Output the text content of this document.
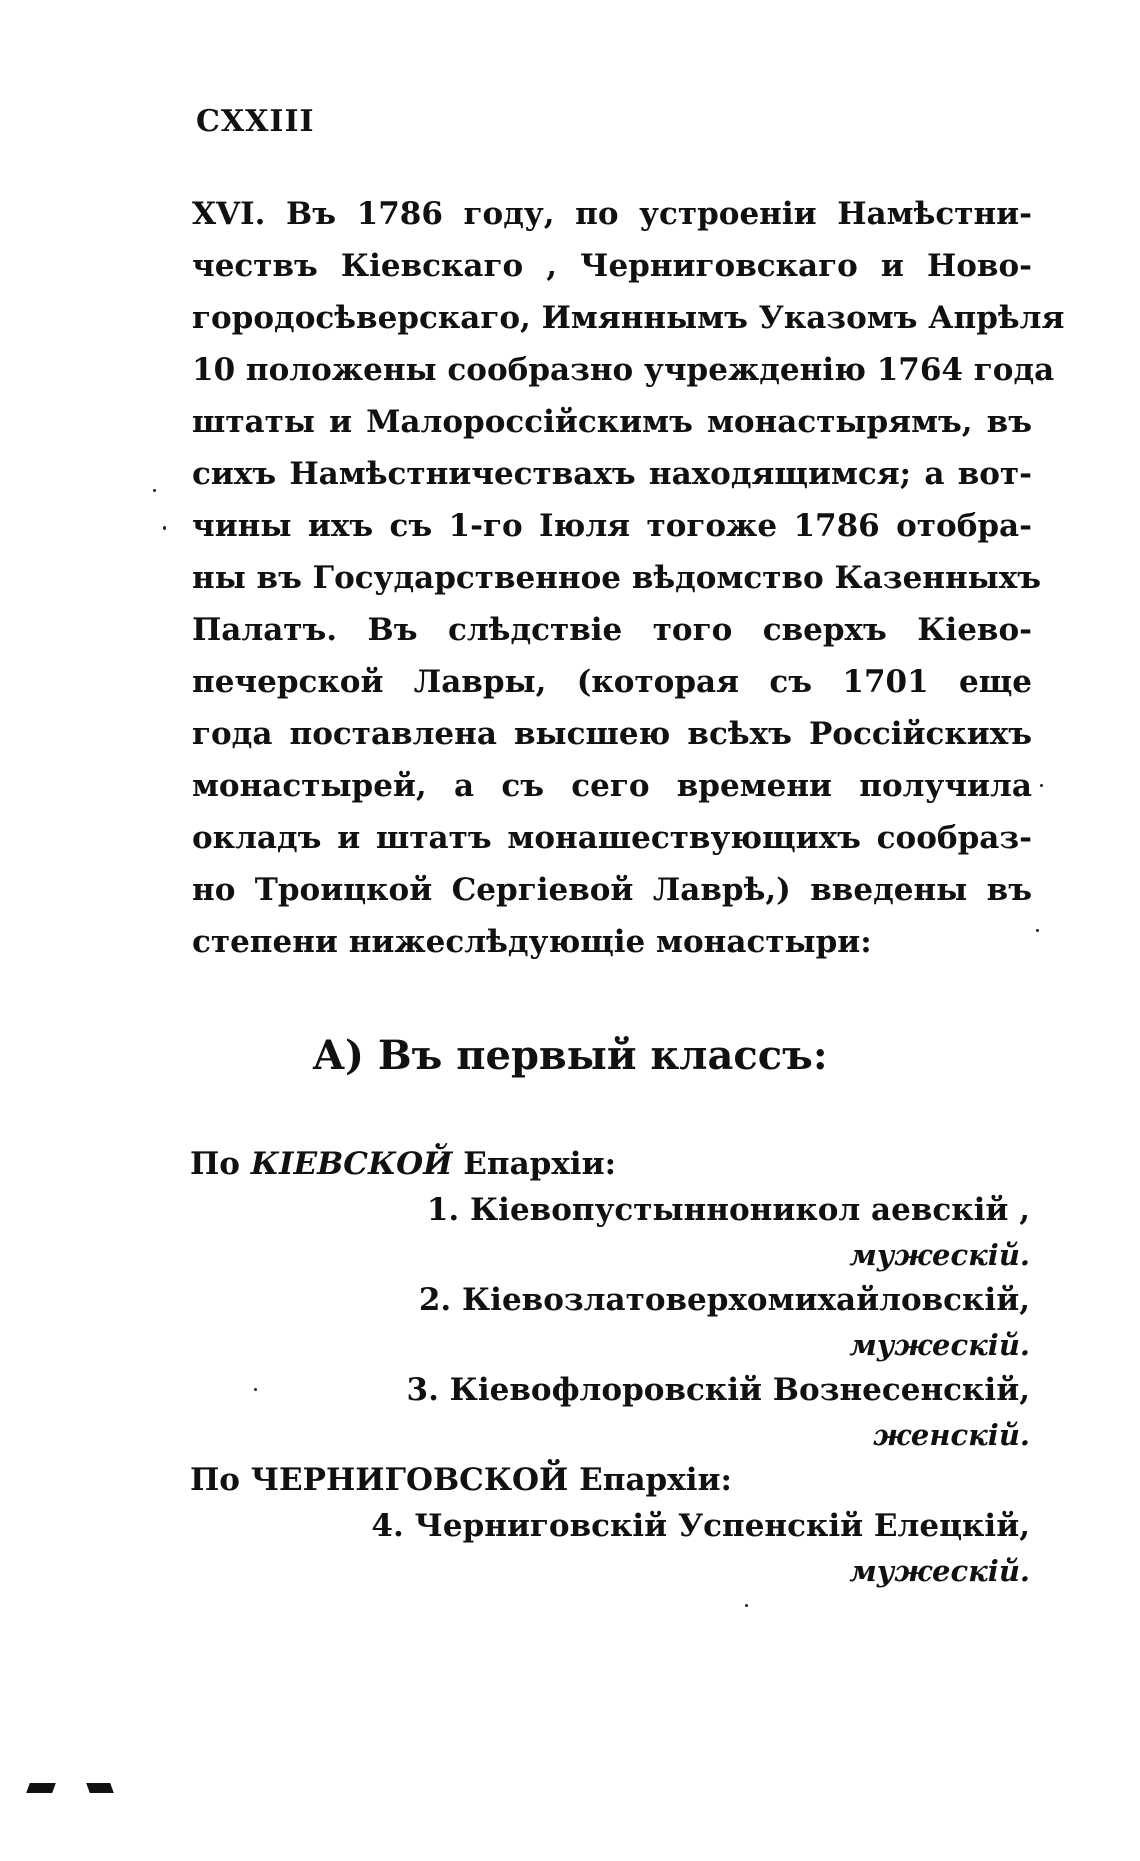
CXXIII
XVI. Въ 1786 году, по устроеніи Намѣстни-
чествъ Кіевскаго , Черниговскаго и Ново-
городосѣверскаго, Имяннымъ Указомъ Апрѣля
10 положены сообразно учрежденію 1764 года
штаты и Малороссійскимъ монастырямъ, въ
сихъ Намѣстничествахъ находящимся; а вот-
чины ихъ съ 1-го Іюля тогоже 1786 отобра-
ны въ Государственное вѣдомство Казенныхъ
Палатъ. Въ слѣдствіе того сверхъ Кіево-
печерской Лавры, (которая съ 1701 еще
года поставлена высшею всѣхъ Россійскихъ
монастырей, а съ сего времени получила
окладъ и штатъ монашествующихъ сообраз-
но Троицкой Сергіевой Лаврѣ,) введены въ
степени нижеслѣдующіе монастыри:
А) Въ первый классъ:
По КІЕВСКОЙ Епархіи:
1. Кіевопустынноникол аевскій ,
мужескій.
2. Кіевозлатоверхомихайловскій,
мужескій.
3. Кіевофлоровскій Вознесенскій,
женскій.
По ЧЕРНИГОВСКОЙ Епархіи:
4. Черниговскій Успенскій Елецкій,
мужескій.
